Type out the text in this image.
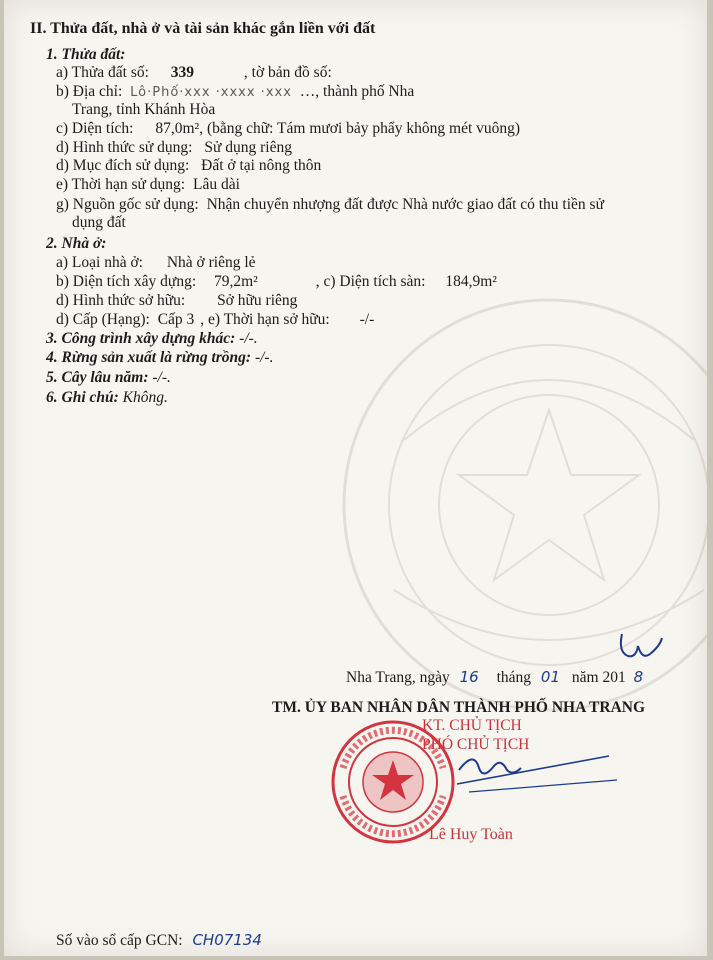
II. Thửa đất, nhà ở và tài sản khác gắn liền với đất
1. Thửa đất:
a) Thửa đất số: 339	, tờ bản đồ số:
b) Địa chỉ: Lô·Phố·xxx ·xxxx ·xxx …, thành phố Nha
Trang, tỉnh Khánh Hòa
c) Diện tích: 87,0m², (bằng chữ: Tám mươi bảy phẩy không mét vuông)
d) Hình thức sử dụng: Sử dụng riêng
d) Mục đích sử dụng: Đất ở tại nông thôn
e) Thời hạn sử dụng: Lâu dài
g) Nguồn gốc sử dụng: Nhận chuyển nhượng đất được Nhà nước giao đất có thu tiền sử
dụng đất
2. Nhà ở:
a) Loại nhà ở: Nhà ở riêng lẻ
b) Diện tích xây dựng: 79,2m²	, c) Diện tích sàn: 184,9m²
d) Hình thức sở hữu: Sở hữu riêng
d) Cấp (Hạng): Cấp 3 , e) Thời hạn sở hữu: -/-
3. Công trình xây dựng khác: -/-.
4. Rừng sản xuất là rừng trồng: -/-.
5. Cây lâu năm: -/-.
6. Ghi chú: Không.
Nha Trang, ngày 16 tháng 01 năm 201 8
TM. ỦY BAN NHÂN DÂN THÀNH PHỐ NHA TRANG
KT. CHỦ TỊCH
PHÓ CHỦ TỊCH
Lê Huy Toàn
Số vào sổ cấp GCN: CH07134
